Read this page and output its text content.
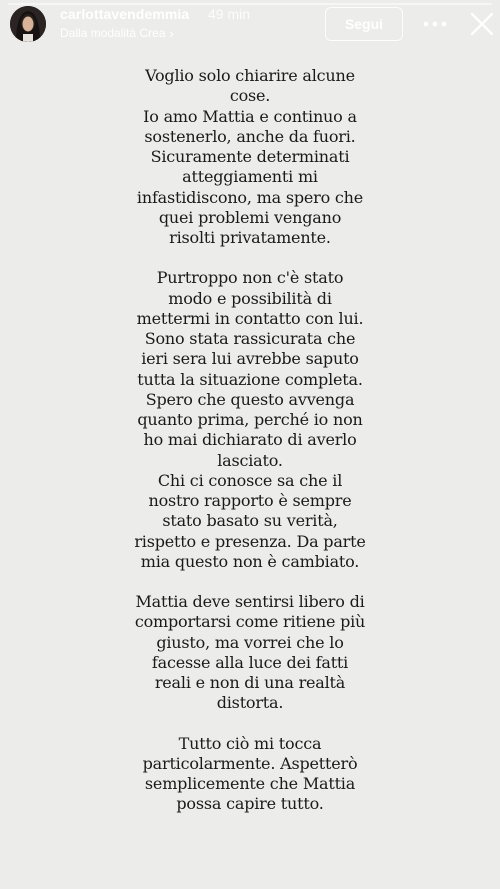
carlottavendemmia 49 min
Dalla modalità Crea ›
Segui

Voglio solo chiarire alcune
cose.
Io amo Mattia e continuo a
sostenerlo, anche da fuori.
Sicuramente determinati
atteggiamenti mi
infastidiscono, ma spero che
quei problemi vengano
risolti privatamente.

Purtroppo non c'è stato
modo e possibilità di
mettermi in contatto con lui.
Sono stata rassicurata che
ieri sera lui avrebbe saputo
tutta la situazione completa.
Spero che questo avvenga
quanto prima, perché io non
ho mai dichiarato di averlo
lasciato.
Chi ci conosce sa che il
nostro rapporto è sempre
stato basato su verità,
rispetto e presenza. Da parte
mia questo non è cambiato.

Mattia deve sentirsi libero di
comportarsi come ritiene più
giusto, ma vorrei che lo
facesse alla luce dei fatti
reali e non di una realtà
distorta.

Tutto ciò mi tocca
particolarmente. Aspetterò
semplicemente che Mattia
possa capire tutto.
